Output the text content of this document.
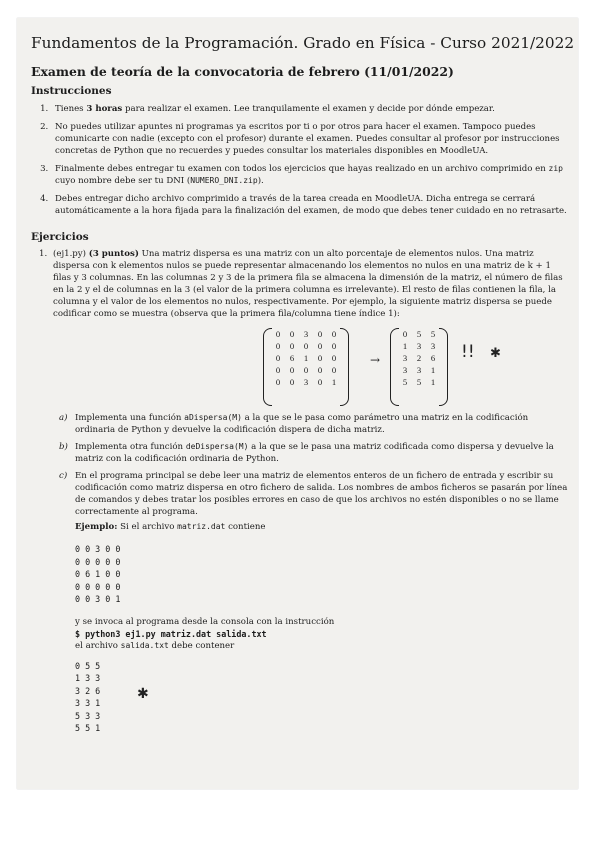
Fundamentos de la Programación. Grado en Física - Curso 2021/2022
Examen de teoría de la convocatoria de febrero (11/01/2022)
Instrucciones
1. Tienes 3 horas para realizar el examen. Lee tranquilamente el examen y decide por dónde empezar.
2. No puedes utilizar apuntes ni programas ya escritos por ti o por otros para hacer el examen. Tampoco puedes comunicarte con nadie (excepto con el profesor) durante el examen. Puedes consultar al profesor por instrucciones concretas de Python que no recuerdes y puedes consultar los materiales disponibles en MoodleUA.
3. Finalmente debes entregar tu examen con todos los ejercicios que hayas realizado en un archivo comprimido en zip cuyo nombre debe ser tu DNI (NUMERO_DNI.zip).
4. Debes entregar dicho archivo comprimido a través de la tarea creada en MoodleUA. Dicha entrega se cerrará automáticamente a la hora fijada para la finalización del examen, de modo que debes tener cuidado en no retrasarte.
Ejercicios
1. (ej1.py) (3 puntos) Una matriz dispersa es una matriz con un alto porcentaje de elementos nulos. Una matriz dispersa con k elementos nulos se puede representar almacenando los elementos no nulos en una matriz de k + 1 filas y 3 columnas. En las columnas 2 y 3 de la primera fila se almacena la dimensión de la matriz, el número de filas en la 2 y el de columnas en la 3 (el valor de la primera columna es irrelevante). El resto de filas contienen la fila, la columna y el valor de los elementos no nulos, respectivamente. Por ejemplo, la siguiente matriz dispersa se puede codificar como se muestra (observa que la primera fila/columna tiene índice 1):
0	0	3	0	0
0	0	0	0	0
0	6	1	0	0
0	0	0	0	0
0	0	3	0	1
→
0	5	5
1	3	3
3	2	6
3	3	1
5	5	1
!! ✱
a) Implementa una función aDispersa(M) a la que se le pasa como parámetro una matriz en la codificación ordinaria de Python y devuelve la codificación dispera de dicha matriz.
b) Implementa otra función deDispersa(M) a la que se le pasa una matriz codificada como dispersa y devuelve la matriz con la codificación ordinaria de Python.
c) En el programa principal se debe leer una matriz de elementos enteros de un fichero de entrada y escribir su codificación como matriz dispersa en otro fichero de salida. Los nombres de ambos ficheros se pasarán por línea de comandos y debes tratar los posibles errores en caso de que los archivos no estén disponibles o no se llame correctamente al programa.
Ejemplo: Si el archivo matriz.dat contiene
0 0 3 0 0
0 0 0 0 0
0 6 1 0 0
0 0 0 0 0
0 0 3 0 1
y se invoca al programa desde la consola con la instrucción
$ python3 ej1.py matriz.dat salida.txt
el archivo salida.txt debe contener
0 5 5
1 3 3
3 2 6
3 3 1
5 3 3
5 5 1
✱
